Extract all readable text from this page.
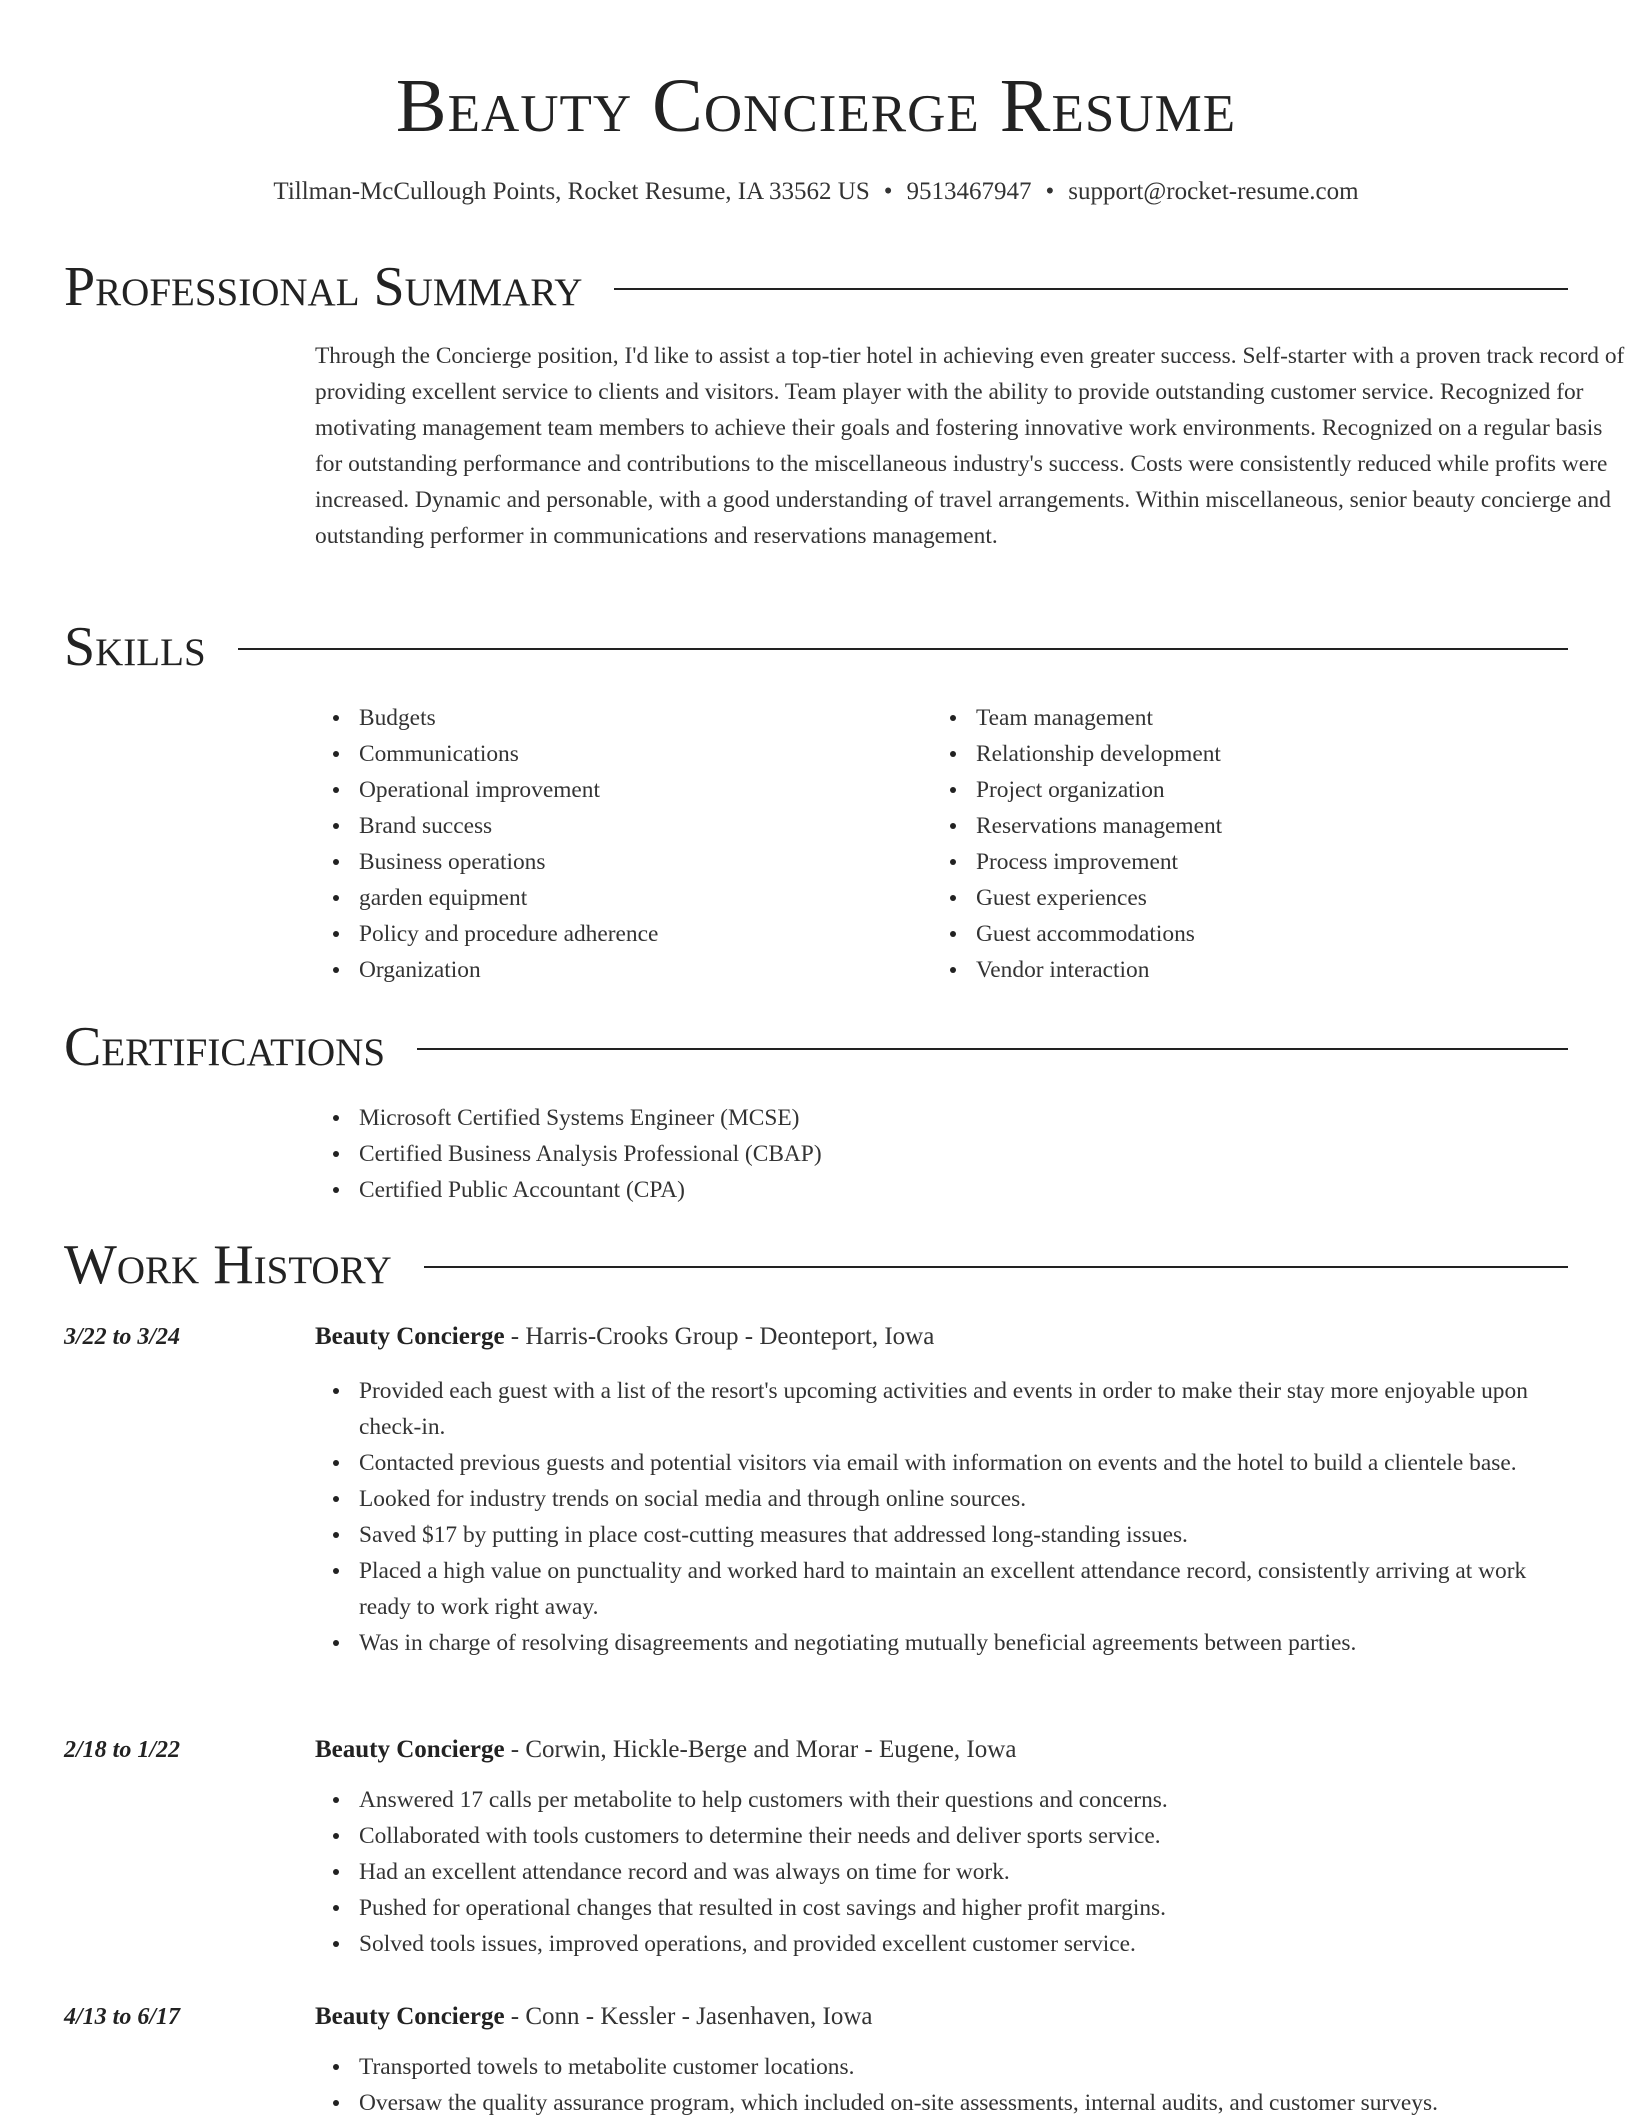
Beauty Concierge Resume
Tillman-McCullough Points, Rocket Resume, IA 33562 US • 9513467947 • support@rocket-resume.com
Professional Summary
Through the Concierge position, I'd like to assist a top-tier hotel in achieving even greater success. Self-starter with a proven track record of providing excellent service to clients and visitors. Team player with the ability to provide outstanding customer service. Recognized for motivating management team members to achieve their goals and fostering innovative work environments. Recognized on a regular basis for outstanding performance and contributions to the miscellaneous industry's success. Costs were consistently reduced while profits were increased. Dynamic and personable, with a good understanding of travel arrangements. Within miscellaneous, senior beauty concierge and outstanding performer in communications and reservations management.
Skills
Budgets
Communications
Operational improvement
Brand success
Business operations
garden equipment
Policy and procedure adherence
Organization
Team management
Relationship development
Project organization
Reservations management
Process improvement
Guest experiences
Guest accommodations
Vendor interaction
Certifications
Microsoft Certified Systems Engineer (MCSE)
Certified Business Analysis Professional (CBAP)
Certified Public Accountant (CPA)
Work History
3/22 to 3/24	Beauty Concierge - Harris-Crooks Group - Deonteport, Iowa
Provided each guest with a list of the resort's upcoming activities and events in order to make their stay more enjoyable upon check-in.
Contacted previous guests and potential visitors via email with information on events and the hotel to build a clientele base.
Looked for industry trends on social media and through online sources.
Saved $17 by putting in place cost-cutting measures that addressed long-standing issues.
Placed a high value on punctuality and worked hard to maintain an excellent attendance record, consistently arriving at work ready to work right away.
Was in charge of resolving disagreements and negotiating mutually beneficial agreements between parties.
2/18 to 1/22	Beauty Concierge - Corwin, Hickle-Berge and Morar - Eugene, Iowa
Answered 17 calls per metabolite to help customers with their questions and concerns.
Collaborated with tools customers to determine their needs and deliver sports service.
Had an excellent attendance record and was always on time for work.
Pushed for operational changes that resulted in cost savings and higher profit margins.
Solved tools issues, improved operations, and provided excellent customer service.
4/13 to 6/17	Beauty Concierge - Conn - Kessler - Jasenhaven, Iowa
Transported towels to metabolite customer locations.
Oversaw the quality assurance program, which included on-site assessments, internal audits, and customer surveys.
